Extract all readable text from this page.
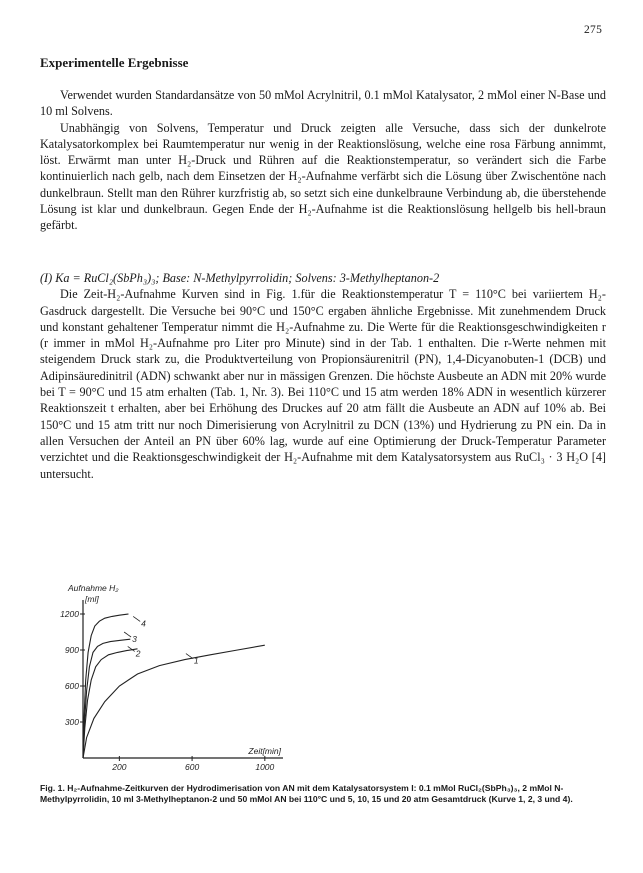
275
Experimentelle Ergebnisse

Verwendet wurden Standardansätze von 50 mMol Acrylnitril, 0.1 mMol Katalysator, 2 mMol einer N-Base und 10 ml Solvens.

Unabhängig von Solvens, Temperatur und Druck zeigten alle Versuche, dass sich der dunkelrote Katalysatorkomplex bei Raumtemperatur nur wenig in der Reaktionslösung, welche eine rosa Färbung annimmt, löst. Erwärmt man unter H₂-Druck und Rühren auf die Reaktionstemperatur, so verändert sich die Farbe kontinuierlich nach gelb, nach dem Einsetzen der H₂-Aufnahme verfärbt sich die Lösung über Zwischentöne nach dunkelbraun. Stellt man den Rührer kurzfristig ab, so setzt sich eine dunkelbraune Verbindung ab, die überstehende Lösung ist klar und dunkelbraun. Gegen Ende der H₂-Aufnahme ist die Reaktionslösung hellgelb bis hell-braun gefärbt.

(I) Ka = RuCl₂(SbPh₃)₃; Base: N-Methylpyrrolidin; Solvens: 3-Methylheptanon-2

Die Zeit-H₂-Aufnahme Kurven sind in Fig. 1.für die Reaktionstemperatur T = 110°C bei variiertem H₂-Gasdruck dargestellt. Die Versuche bei 90°C und 150°C ergaben ähnliche Ergebnisse. Mit zunehmendem Druck und konstant gehaltener Temperatur nimmt die H₂-Aufnahme zu. Die Werte für die Reaktionsgeschwindigkeiten r (r immer in mMol H₂-Aufnahme pro Liter pro Minute) sind in der Tab. 1 enthalten. Die r-Werte nehmen mit steigendem Druck stark zu, die Produktverteilung von Propionsäurenitril (PN), 1,4-Dicyanobuten-1 (DCB) und Adipinsäuredinitril (ADN) schwankt aber nur in mässigen Grenzen. Die höchste Ausbeute an ADN mit 20% wurde bei T = 90°C und 15 atm erhalten (Tab. 1, Nr. 3). Bei 110°C und 15 atm werden 18% ADN in wesentlich kürzerer Reaktionszeit t erhalten, aber bei Erhöhung des Druckes auf 20 atm fällt die Ausbeute an ADN auf 10% ab. Bei 150°C und 15 atm tritt nur noch Dimerisierung von Acrylnitril zu DCN (13%) und Hydrierung zu PN ein. Da in allen Versuchen der Anteil an PN über 60% lag, wurde auf eine Optimierung der Druck-Temperatur Parameter verzichtet und die Reaktionsgeschwindigkeit der H₂-Aufnahme mit dem Katalysatorsystem aus RuCl₃ · 3 H₂O [4] untersucht.

300
600
900
1200
200	600	1000
Aufnahme H₂
[ml]
Zeit[min]
1
2
3
4
Fig. 1. H₂-Aufnahme-Zeitkurven der Hydrodimerisation von AN mit dem Katalysatorsystem I: 0.1 mMol RuCl₂(SbPh₃)₃, 2 mMol N-Methylpyrrolidin, 10 ml 3-Methylheptanon-2 und 50 mMol AN bei 110°C und 5, 10, 15 und 20 atm Gesamtdruck (Kurve 1, 2, 3 und 4).
